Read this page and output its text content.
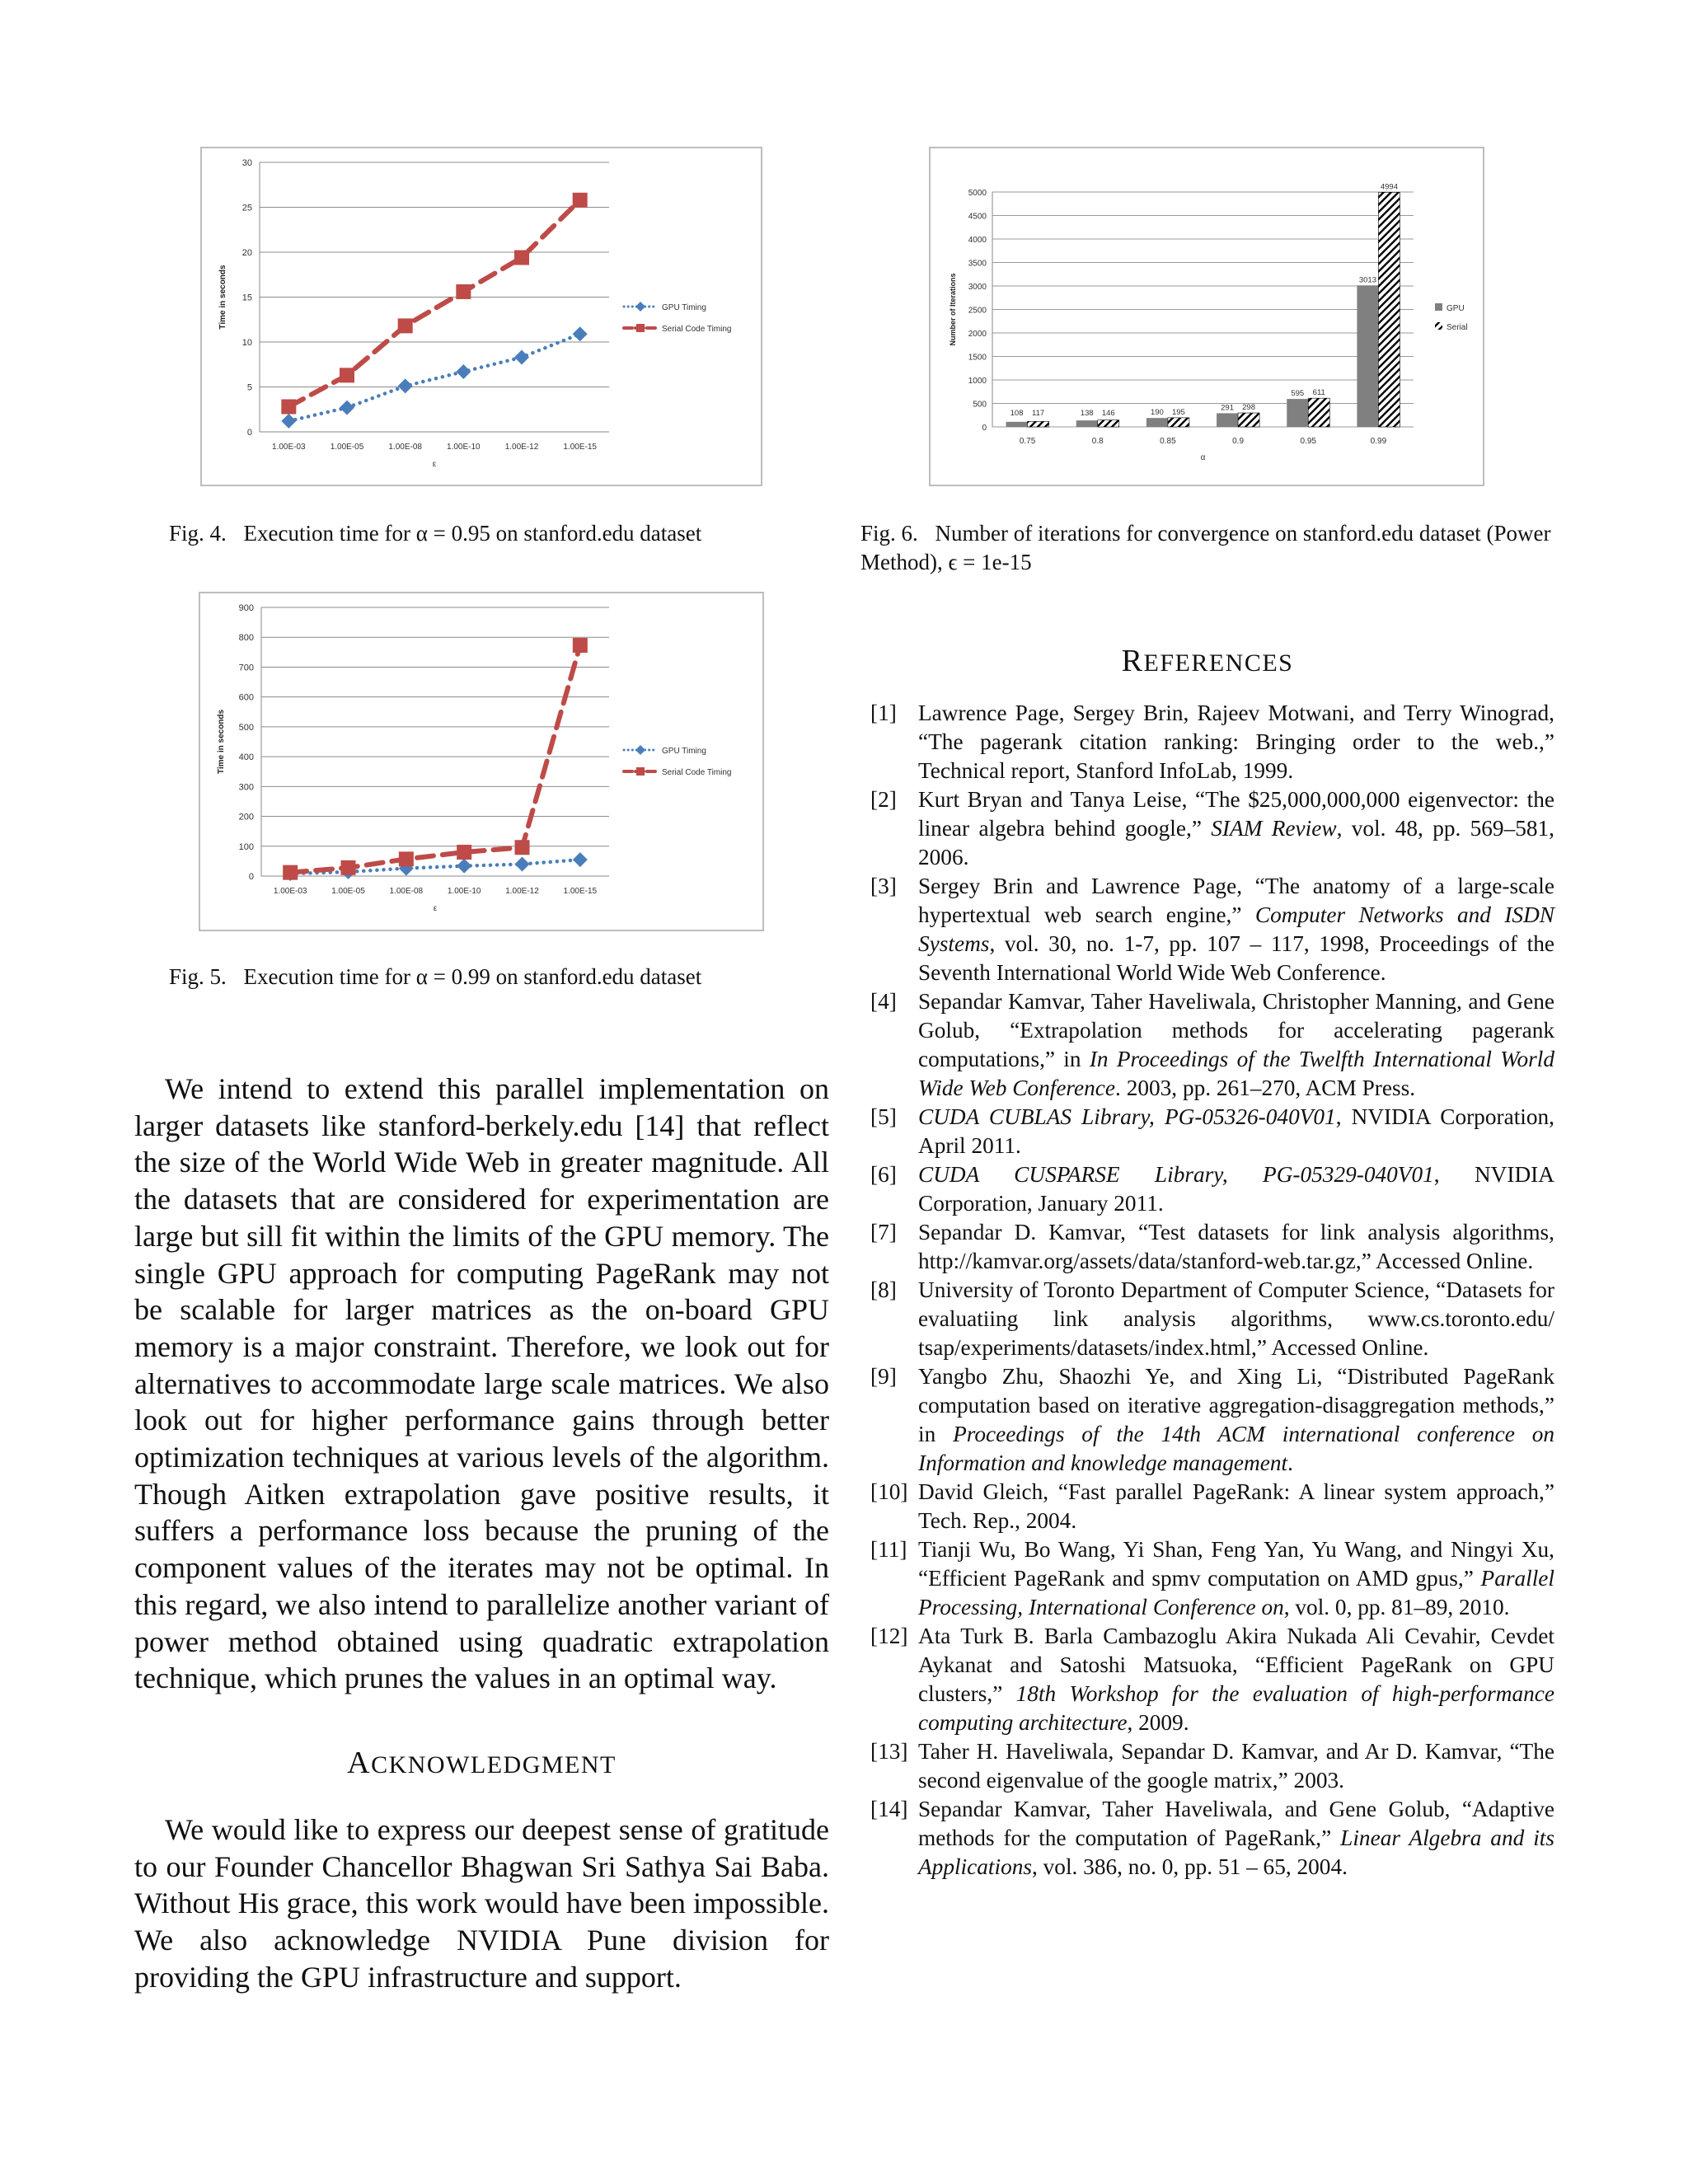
0
5
10
15
20
25
30
1.00E-03	1.00E-05	1.00E-08	1.00E-10	1.00E-12	1.00E-15
ε
Time in seconds	GPU Timing
Serial Code Timing
Fig. 4. Execution time for α = 0.95 on stanford.edu dataset
0
100
200
300
400
500
600
700
800
900
1.00E-03	1.00E-05	1.00E-08	1.00E-10	1.00E-12	1.00E-15
ε
Time in seconds	GPU Timing
Serial Code Timing
Fig. 5. Execution time for α = 0.99 on stanford.edu dataset
0
500
1000
1500
2000
2500
3000
3500
4000
4500
5000
0.75
108 117
0.8
138 146
0.85
190 195
0.9
291 298
0.95
595 611
0.99
3013
4994
α
Number of Iterations	GPU
Serial
Fig. 6. Number of iterations for convergence on stanford.edu dataset (Power Method), ϵ = 1e-15

We intend to extend this parallel implementation on larger datasets like stanford-berkely.edu [14] that reflect the size of the World Wide Web in greater magnitude. All the datasets that are considered for experimentation are large but sill fit within the limits of the GPU memory. The single GPU approach for computing PageRank may not be scalable for larger matrices as the on-board GPU memory is a major constraint. Therefore, we look out for alternatives to accommodate large scale matrices. We also look out for higher performance gains through better optimization techniques at various levels of the algorithm. Though Aitken extrapolation gave positive results, it suffers a performance loss because the pruning of the component values of the iterates may not be optimal. In this regard, we also intend to parallelize another variant of power method obtained using quadratic extrapolation technique, which prunes the values in an optimal way.

ACKNOWLEDGMENT

We would like to express our deepest sense of gratitude to our Founder Chancellor Bhagwan Sri Sathya Sai Baba. Without His grace, this work would have been impossible. We also acknowledge NVIDIA Pune division for providing the GPU infrastructure and support.

REFERENCES
[1] Lawrence Page, Sergey Brin, Rajeev Motwani, and Terry Winograd, “The pagerank citation ranking: Bringing order to the web.,” Technical report, Stanford InfoLab, 1999.
[2] Kurt Bryan and Tanya Leise, “The $25,000,000,000 eigenvector: the linear algebra behind google,” SIAM Review, vol. 48, pp. 569–581, 2006.
[3] Sergey Brin and Lawrence Page, “The anatomy of a large-scale hypertextual web search engine,” Computer Networks and ISDN Systems, vol. 30, no. 1-7, pp. 107 – 117, 1998, Proceedings of the Seventh International World Wide Web Conference.
[4] Sepandar Kamvar, Taher Haveliwala, Christopher Manning, and Gene Golub, “Extrapolation methods for accelerating pagerank computations,” in In Proceedings of the Twelfth International World Wide Web Conference. 2003, pp. 261–270, ACM Press.
[5] CUDA CUBLAS Library, PG-05326-040V01, NVIDIA Corporation, April 2011.
[6] CUDA CUSPARSE Library, PG-05329-040V01, NVIDIA Corporation, January 2011.
[7] Sepandar D. Kamvar, “Test datasets for link analysis algorithms, http://kamvar.org/assets/data/stanford-web.tar.gz,” Accessed Online.
[8] University of Toronto Department of Computer Science, “Datasets for evaluatiing link analysis algorithms, www.cs.toronto.edu/ tsap/experiments/datasets/index.html,” Accessed Online.
[9] Yangbo Zhu, Shaozhi Ye, and Xing Li, “Distributed PageRank computation based on iterative aggregation-disaggregation methods,” in Proceedings of the 14th ACM international conference on Information and knowledge management.
[10] David Gleich, “Fast parallel PageRank: A linear system approach,” Tech. Rep., 2004.
[11] Tianji Wu, Bo Wang, Yi Shan, Feng Yan, Yu Wang, and Ningyi Xu, “Efficient PageRank and spmv computation on AMD gpus,” Parallel Processing, International Conference on, vol. 0, pp. 81–89, 2010.
[12] Ata Turk B. Barla Cambazoglu Akira Nukada Ali Cevahir, Cevdet Aykanat and Satoshi Matsuoka, “Efficient PageRank on GPU clusters,” 18th Workshop for the evaluation of high-performance computing architecture, 2009.
[13] Taher H. Haveliwala, Sepandar D. Kamvar, and Ar D. Kamvar, “The second eigenvalue of the google matrix,” 2003.
[14] Sepandar Kamvar, Taher Haveliwala, and Gene Golub, “Adaptive methods for the computation of PageRank,” Linear Algebra and its Applications, vol. 386, no. 0, pp. 51 – 65, 2004.
